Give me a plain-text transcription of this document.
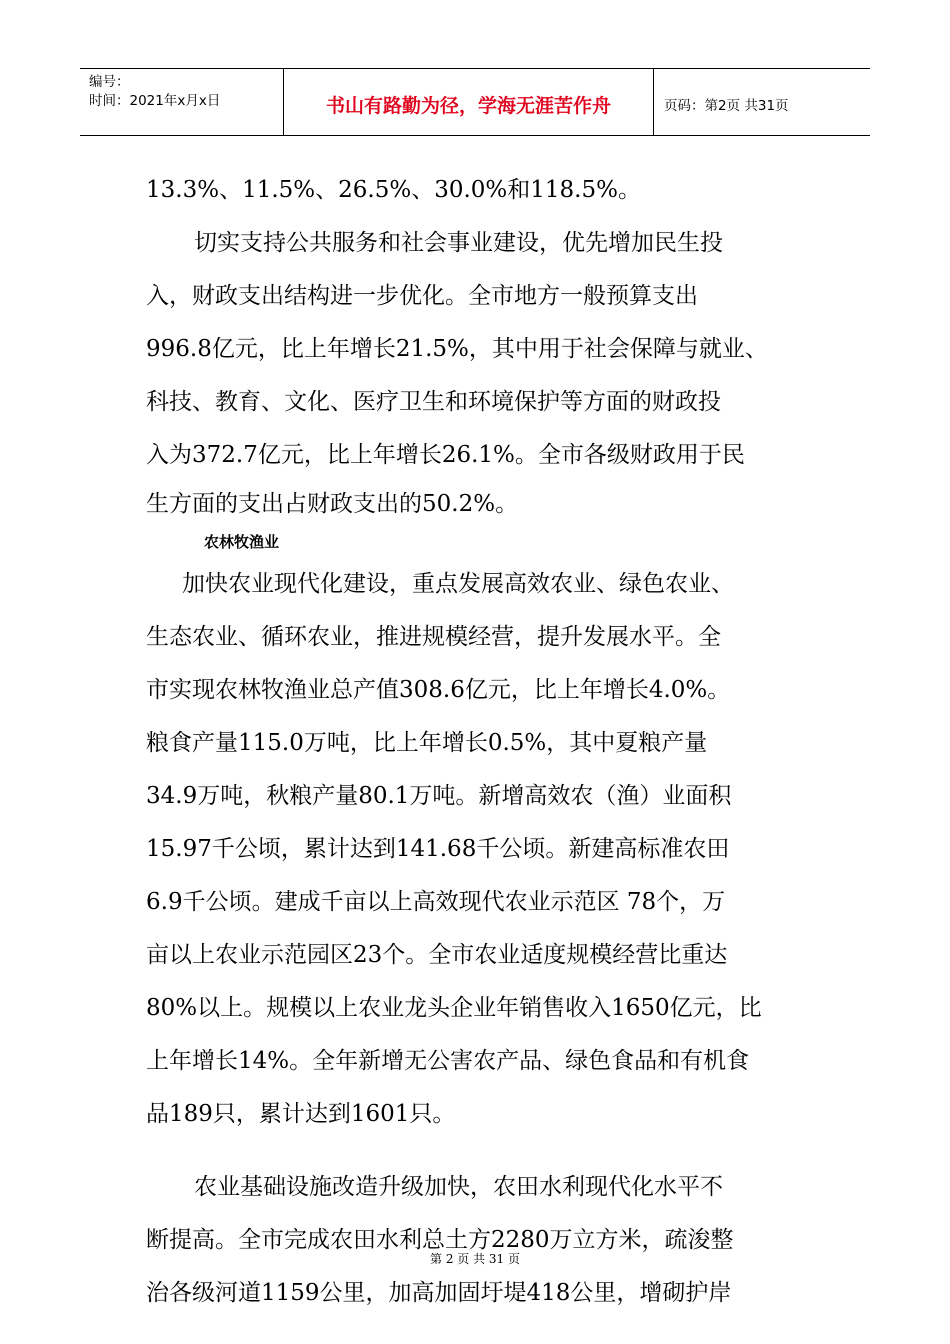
编号：
时间：2021年x月x日	书山有路勤为径，学海无涯苦作舟	页码：第2页 共31页
13.3%、11.5%、26.5%、30.0%和118.5%。
切实支持公共服务和社会事业建设，优先增加民生投
入，财政支出结构进一步优化。全市地方一般预算支出
996.8亿元，比上年增长21.5%，其中用于社会保障与就业、
科技、教育、文化、医疗卫生和环境保护等方面的财政投
入为372.7亿元，比上年增长26.1%。全市各级财政用于民
生方面的支出占财政支出的50.2%。
农林牧渔业
加快农业现代化建设，重点发展高效农业、绿色农业、
生态农业、循环农业，推进规模经营，提升发展水平。全
市实现农林牧渔业总产值308.6亿元，比上年增长4.0%。
粮食产量115.0万吨，比上年增长0.5%，其中夏粮产量
34.9万吨，秋粮产量80.1万吨。新增高效农（渔）业面积
15.97千公顷，累计达到141.68千公顷。新建高标准农田
6.9千公顷。建成千亩以上高效现代农业示范区 78个，万
亩以上农业示范园区23个。全市农业适度规模经营比重达
80%以上。规模以上农业龙头企业年销售收入1650亿元，比
上年增长14%。全年新增无公害农产品、绿色食品和有机食
品189只，累计达到1601只。
农业基础设施改造升级加快，农田水利现代化水平不
断提高。全市完成农田水利总土方2280万立方米，疏浚整
治各级河道1159公里，加高加固圩堤418公里，增砌护岸
第 2 页 共 31 页
